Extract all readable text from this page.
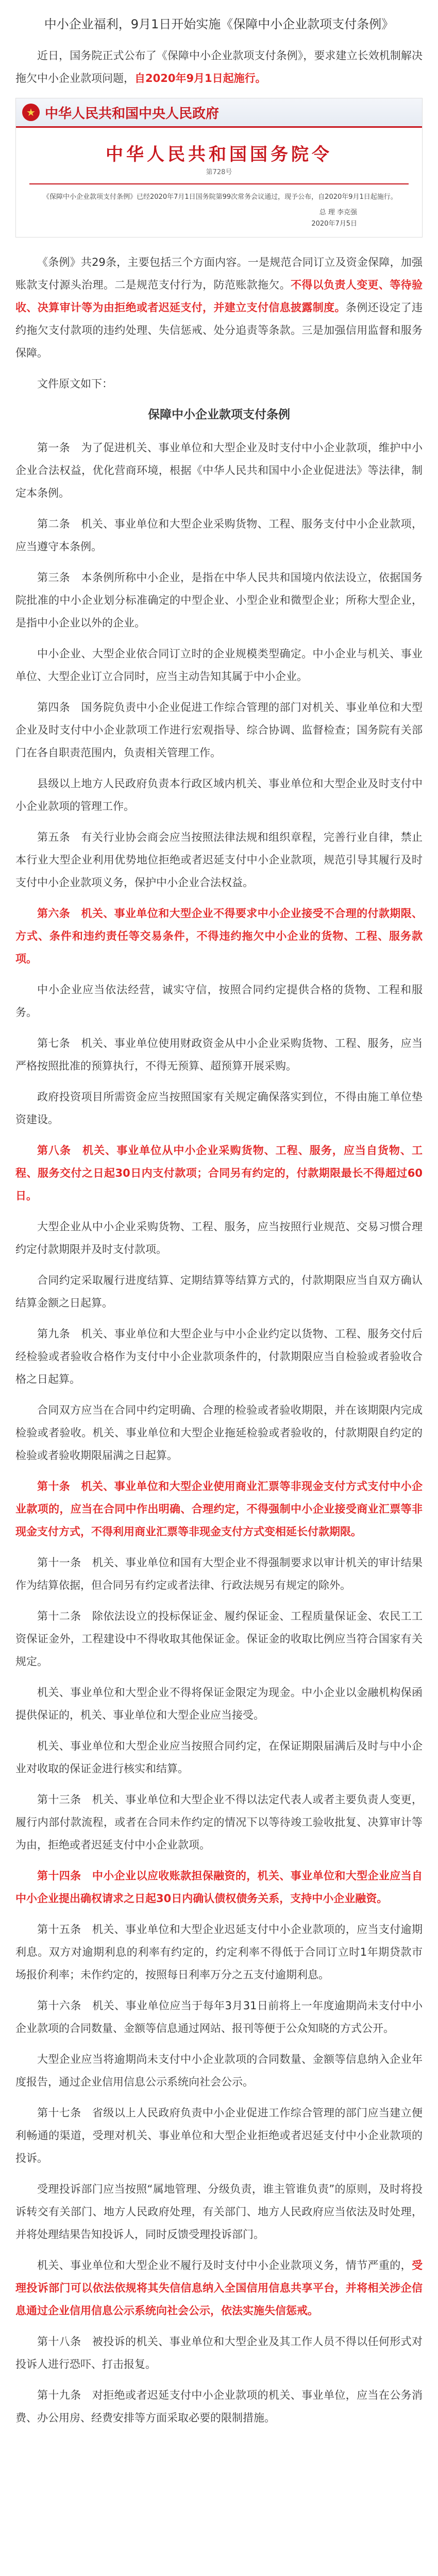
中小企业福利，9月1日开始实施《保障中小企业款项支付条例》

近日，国务院正式公布了《保障中小企业款项支付条例》，要求建立长效机制解决拖欠中小企业款项问题，自2020年9月1日起施行。

★ 中华人民共和国中央人民政府
中华人民共和国国务院令
第728号
《保障中小企业款项支付条例》已经2020年7月1日国务院第99次常务会议通过，现予公布，自2020年9月1日起施行。
总 理 李克强
2020年7月5日

《条例》共29条，主要包括三个方面内容。一是规范合同订立及资金保障，加强账款支付源头治理。二是规范支付行为，防范账款拖欠。不得以负责人变更、等待验收、决算审计等为由拒绝或者迟延支付，并建立支付信息披露制度。条例还设定了违约拖欠支付款项的违约处理、失信惩戒、处分追责等条款。三是加强信用监督和服务保障。

文件原文如下：

保障中小企业款项支付条例

第一条　为了促进机关、事业单位和大型企业及时支付中小企业款项，维护中小企业合法权益，优化营商环境，根据《中华人民共和国中小企业促进法》等法律，制定本条例。

第二条　机关、事业单位和大型企业采购货物、工程、服务支付中小企业款项，应当遵守本条例。

第三条　本条例所称中小企业，是指在中华人民共和国境内依法设立，依据国务院批准的中小企业划分标准确定的中型企业、小型企业和微型企业；所称大型企业，是指中小企业以外的企业。

中小企业、大型企业依合同订立时的企业规模类型确定。中小企业与机关、事业单位、大型企业订立合同时，应当主动告知其属于中小企业。

第四条　国务院负责中小企业促进工作综合管理的部门对机关、事业单位和大型企业及时支付中小企业款项工作进行宏观指导、综合协调、监督检查；国务院有关部门在各自职责范围内，负责相关管理工作。

县级以上地方人民政府负责本行政区域内机关、事业单位和大型企业及时支付中小企业款项的管理工作。

第五条　有关行业协会商会应当按照法律法规和组织章程，完善行业自律，禁止本行业大型企业利用优势地位拒绝或者迟延支付中小企业款项，规范引导其履行及时支付中小企业款项义务，保护中小企业合法权益。

第六条　机关、事业单位和大型企业不得要求中小企业接受不合理的付款期限、方式、条件和违约责任等交易条件，不得违约拖欠中小企业的货物、工程、服务款项。

中小企业应当依法经营，诚实守信，按照合同约定提供合格的货物、工程和服务。

第七条　机关、事业单位使用财政资金从中小企业采购货物、工程、服务，应当严格按照批准的预算执行，不得无预算、超预算开展采购。

政府投资项目所需资金应当按照国家有关规定确保落实到位，不得由施工单位垫资建设。

第八条　机关、事业单位从中小企业采购货物、工程、服务，应当自货物、工程、服务交付之日起30日内支付款项；合同另有约定的，付款期限最长不得超过60日。

大型企业从中小企业采购货物、工程、服务，应当按照行业规范、交易习惯合理约定付款期限并及时支付款项。

合同约定采取履行进度结算、定期结算等结算方式的，付款期限应当自双方确认结算金额之日起算。

第九条　机关、事业单位和大型企业与中小企业约定以货物、工程、服务交付后经检验或者验收合格作为支付中小企业款项条件的，付款期限应当自检验或者验收合格之日起算。

合同双方应当在合同中约定明确、合理的检验或者验收期限，并在该期限内完成检验或者验收。机关、事业单位和大型企业拖延检验或者验收的，付款期限自约定的检验或者验收期限届满之日起算。

第十条　机关、事业单位和大型企业使用商业汇票等非现金支付方式支付中小企业款项的，应当在合同中作出明确、合理约定，不得强制中小企业接受商业汇票等非现金支付方式，不得利用商业汇票等非现金支付方式变相延长付款期限。

第十一条　机关、事业单位和国有大型企业不得强制要求以审计机关的审计结果作为结算依据，但合同另有约定或者法律、行政法规另有规定的除外。

第十二条　除依法设立的投标保证金、履约保证金、工程质量保证金、农民工工资保证金外，工程建设中不得收取其他保证金。保证金的收取比例应当符合国家有关规定。

机关、事业单位和大型企业不得将保证金限定为现金。中小企业以金融机构保函提供保证的，机关、事业单位和大型企业应当接受。

机关、事业单位和大型企业应当按照合同约定，在保证期限届满后及时与中小企业对收取的保证金进行核实和结算。

第十三条　机关、事业单位和大型企业不得以法定代表人或者主要负责人变更，履行内部付款流程，或者在合同未作约定的情况下以等待竣工验收批复、决算审计等为由，拒绝或者迟延支付中小企业款项。

第十四条　中小企业以应收账款担保融资的，机关、事业单位和大型企业应当自中小企业提出确权请求之日起30日内确认债权债务关系，支持中小企业融资。

第十五条　机关、事业单位和大型企业迟延支付中小企业款项的，应当支付逾期利息。双方对逾期利息的利率有约定的，约定利率不得低于合同订立时1年期贷款市场报价利率；未作约定的，按照每日利率万分之五支付逾期利息。

第十六条　机关、事业单位应当于每年3月31日前将上一年度逾期尚未支付中小企业款项的合同数量、金额等信息通过网站、报刊等便于公众知晓的方式公开。

大型企业应当将逾期尚未支付中小企业款项的合同数量、金额等信息纳入企业年度报告，通过企业信用信息公示系统向社会公示。

第十七条　省级以上人民政府负责中小企业促进工作综合管理的部门应当建立便利畅通的渠道，受理对机关、事业单位和大型企业拒绝或者迟延支付中小企业款项的投诉。

受理投诉部门应当按照“属地管理、分级负责，谁主管谁负责”的原则，及时将投诉转交有关部门、地方人民政府处理，有关部门、地方人民政府应当依法及时处理，并将处理结果告知投诉人，同时反馈受理投诉部门。

机关、事业单位和大型企业不履行及时支付中小企业款项义务，情节严重的，受理投诉部门可以依法依规将其失信信息纳入全国信用信息共享平台，并将相关涉企信息通过企业信用信息公示系统向社会公示，依法实施失信惩戒。

第十八条　被投诉的机关、事业单位和大型企业及其工作人员不得以任何形式对投诉人进行恐吓、打击报复。

第十九条　对拒绝或者迟延支付中小企业款项的机关、事业单位，应当在公务消费、办公用房、经费安排等方面采取必要的限制措施。
